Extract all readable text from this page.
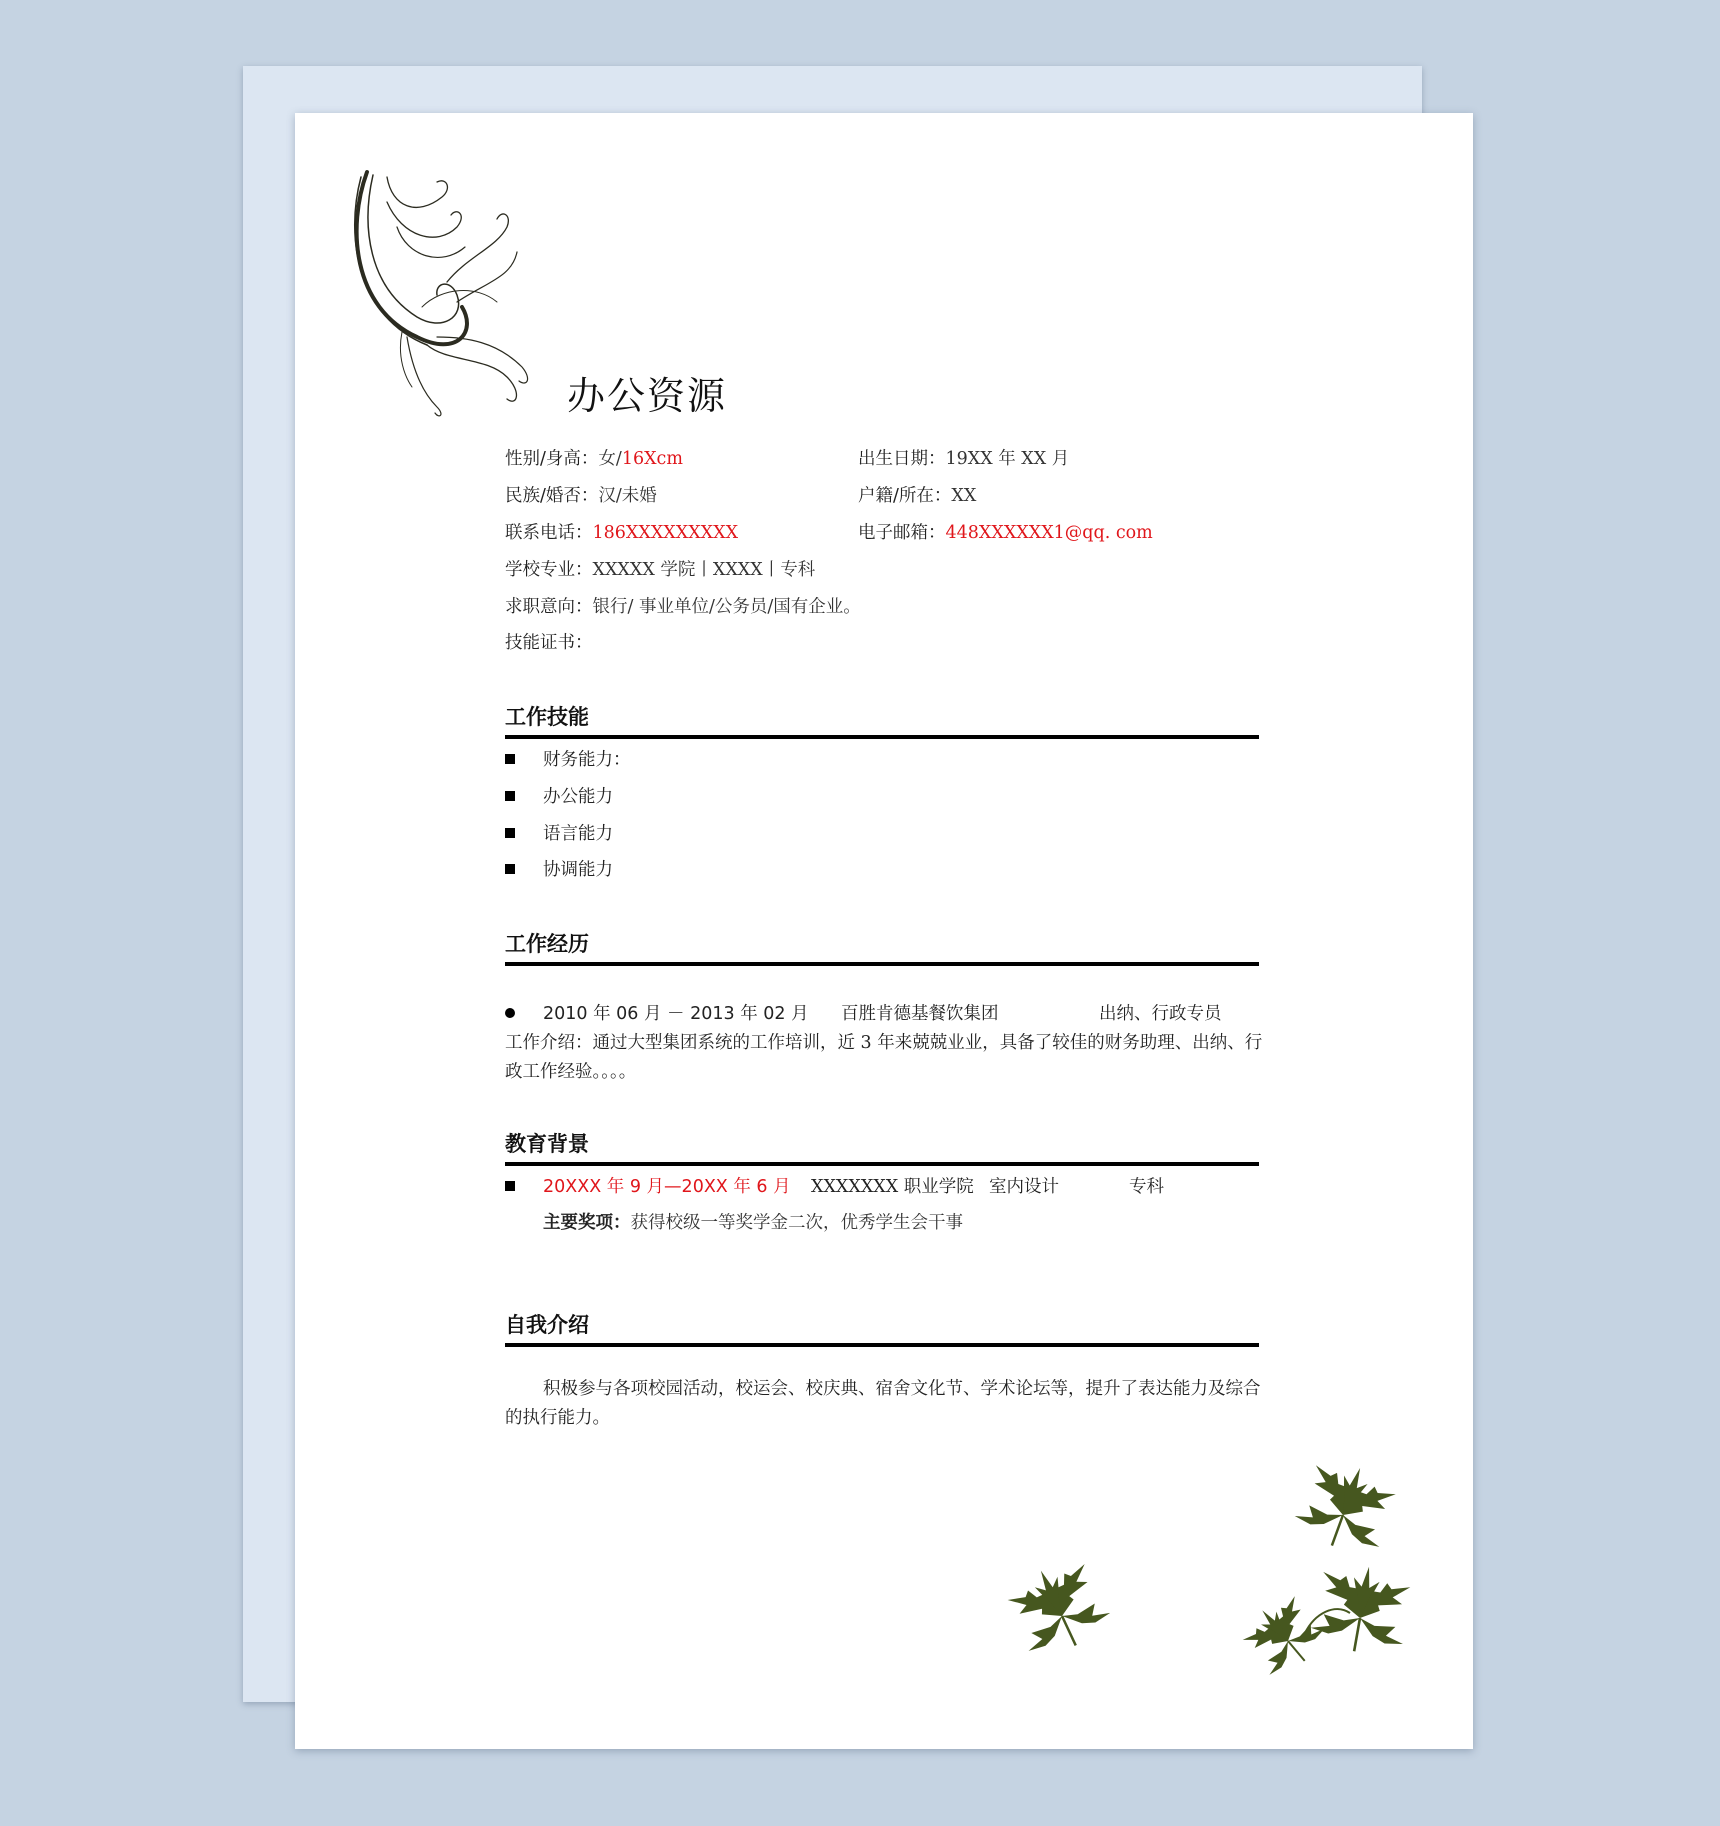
办公资源
性别/身高：女/16Xcm	出生日期：19XX 年 XX 月
民族/婚否：汉/未婚	户籍/所在：XX
联系电话：186XXXXXXXXX	电子邮箱：448XXXXXX1@qq. com
学校专业：XXXXX 学院丨XXXX丨专科
求职意向：银行/ 事业单位/公务员/国有企业。
技能证书：
工作技能
财务能力：
办公能力
语言能力
协调能力
工作经历
2010 年 06 月 － 2013 年 02 月 百胜肯德基餐饮集团	出纳、行政专员
工作介绍：通过大型集团系统的工作培训，近 3 年来兢兢业业，具备了较佳的财务助理、出纳、行政工作经验。。。。
教育背景
20XXX 年 9 月—20XX 年 6 月 XXXXXXX 职业学院 室内设计	专科
主要奖项：获得校级一等奖学金二次，优秀学生会干事
自我介绍
积极参与各项校园活动，校运会、校庆典、宿舍文化节、学术论坛等，提升了表达能力及综合的执行能力。
